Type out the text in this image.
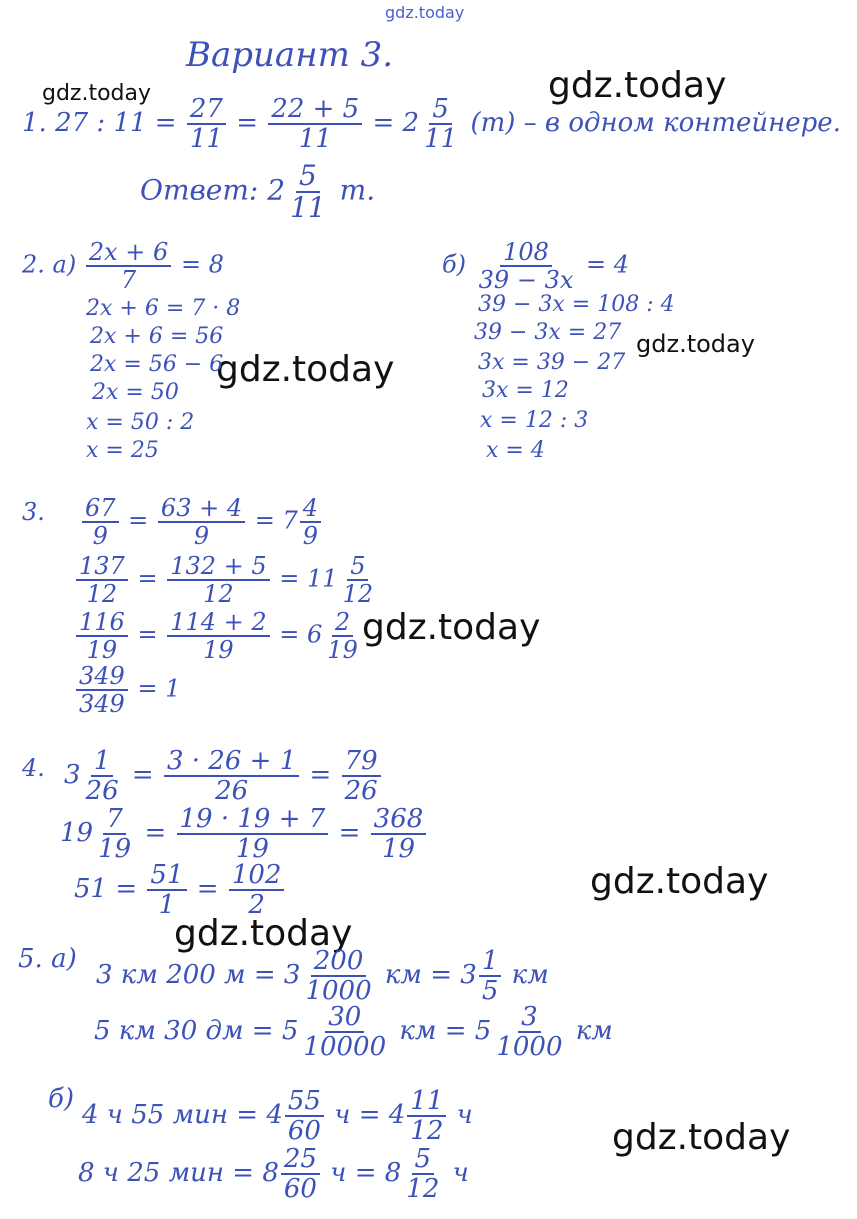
gdz.today
gdz.today	gdz.today
gdz.today
gdz.today
gdz.today
gdz.today
gdz.today
gdz.today
Вариант 3.
1. 27 : $11 = \frac{27}{11} = \frac{22 + 5}{11} = 2 \frac{5}{11} (т) - в$ одном контейнере.
Ответ: $2 \frac{5}{11} т$.
2. $а) \frac{2x + 6}{7} = 8$
2x + 6 = 7 · 8
2x + 6 = 56
2x = 56 − 6
2x = 50
x = 50 : 2
x = 25
$б) \frac{108}{39 - 3x} = 4$
39 − 3x = 108 : 4
39 − 3x = 27
3x = 39 − 27
3x = 12
x = 12 : 3
x = 4
3. $\frac{67}{9} = \frac{63 + 4}{9} = 7 \frac{4}{9}$
$\frac{137}{12} = \frac{132 + 5}{12} = 11 \frac{5}{12}$
$\frac{116}{19} = \frac{114 + 2}{19} = 6 \frac{2}{19}$
$\frac{349}{349} = 1$
4. $3 \frac{1}{26} = \frac{3 \cdot 26 + 1}{26} = \frac{79}{26}$
$19 \frac{7}{19} = \frac{19 \cdot 19 + 7}{19} = \frac{368}{19}$
$51 = \frac{51}{1} = \frac{102}{2}$
5. а)
3 км 200 $м = 3 \frac{200}{1000}$ км = $3 \frac{1}{5}$ км
5 км 30 дм = $5 \frac{30}{10000}$ км = $5 \frac{3}{1000}$ км
б)
4 ч 55 мин = $4 \frac{55}{60}$ $ч = 4 \frac{11}{12}$ ч
8 ч 25 мин = $8 \frac{25}{60}$ $ч = 8 \frac{5}{12}$ ч
